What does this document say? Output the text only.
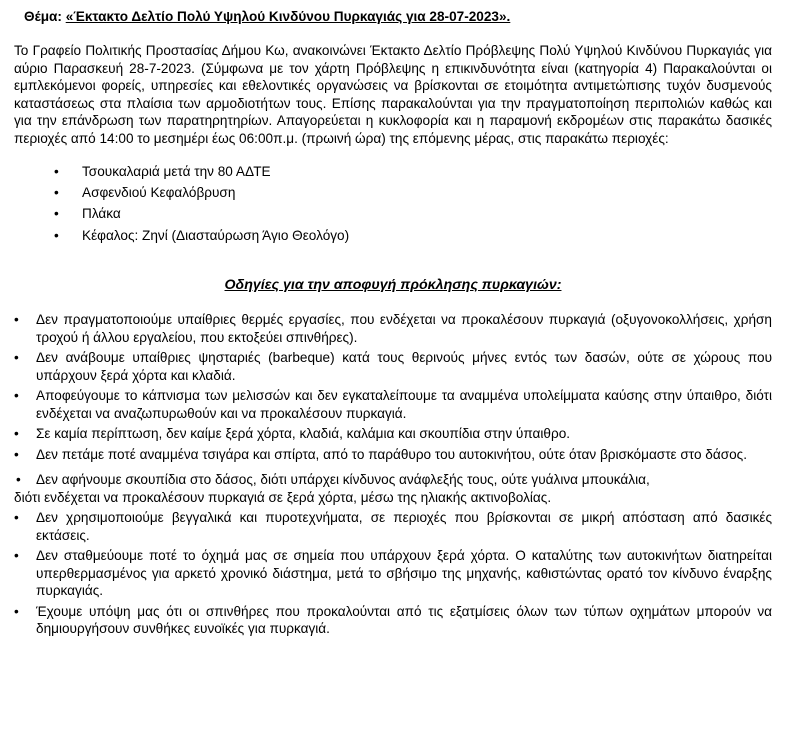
Θέμα: «Έκτακτο Δελτίο Πολύ Υψηλού Κινδύνου Πυρκαγιάς για 28-07-2023».

Το Γραφείο Πολιτικής Προστασίας Δήμου Κω, ανακοινώνει Έκτακτο Δελτίο Πρόβλεψης Πολύ Υψηλού Κινδύνου Πυρκαγιάς για αύριο Παρασκευή 28-7-2023. (Σύμφωνα με τον χάρτη Πρόβλεψης η επικινδυνότητα είναι (κατηγορία 4) Παρακαλούνται οι εμπλεκόμενοι φορείς, υπηρεσίες και εθελοντικές οργανώσεις να βρίσκονται σε ετοιμότητα αντιμετώπισης τυχόν δυσμενούς καταστάσεως στα πλαίσια των αρμοδιοτήτων τους. Επίσης παρακαλούνται για την πραγματοποίηση περιπολιών καθώς και για την επάνδρωση των παρατηρητηρίων. Απαγορεύεται η κυκλοφορία και η παραμονή εκδρομέων στις παρακάτω δασικές περιοχές από 14:00 το μεσημέρι έως 06:00π.μ. (πρωινή ώρα) της επόμενης μέρας, στις παρακάτω περιοχές:

• Τσουκαλαριά μετά την 80 ΑΔΤΕ
• Ασφενδιού Κεφαλόβρυση
• Πλάκα
• Κέφαλος: Ζηνί (Διασταύρωση Άγιο Θεολόγο)
Οδηγίες για την αποφυγή πρόκλησης πυρκαγιών:
• Δεν πραγματοποιούμε υπαίθριες θερμές εργασίες, που ενδέχεται να προκαλέσουν πυρκαγιά (οξυγονοκολλήσεις, χρήση τροχού ή άλλου εργαλείου, που εκτοξεύει σπινθήρες).
• Δεν ανάβουμε υπαίθριες ψησταριές (barbeque) κατά τους θερινούς μήνες εντός των δασών, ούτε σε χώρους που υπάρχουν ξερά χόρτα και κλαδιά.
• Αποφεύγουμε το κάπνισμα των μελισσών και δεν εγκαταλείπουμε τα αναμμένα υπολείμματα καύσης στην ύπαιθρο, διότι ενδέχεται να αναζωπυρωθούν και να προκαλέσουν πυρκαγιά.
• Σε καμία περίπτωση, δεν καίμε ξερά χόρτα, κλαδιά, καλάμια και σκουπίδια στην ύπαιθρο.
• Δεν πετάμε ποτέ αναμμένα τσιγάρα και σπίρτα, από το παράθυρο του αυτοκινήτου, ούτε όταν βρισκόμαστε στο δάσος.
• Δεν αφήνουμε σκουπίδια στο δάσος, διότι υπάρχει κίνδυνος ανάφλεξής τους, ούτε γυάλινα μπουκάλια,
διότι ενδέχεται να προκαλέσουν πυρκαγιά σε ξερά χόρτα, μέσω της ηλιακής ακτινοβολίας.
• Δεν χρησιμοποιούμε βεγγαλικά και πυροτεχνήματα, σε περιοχές που βρίσκονται σε μικρή απόσταση από δασικές εκτάσεις.
• Δεν σταθμεύουμε ποτέ το όχημά μας σε σημεία που υπάρχουν ξερά χόρτα. Ο καταλύτης των αυτοκινήτων διατηρείται υπερθερμασμένος για αρκετό χρονικό διάστημα, μετά το σβήσιμο της μηχανής, καθιστώντας ορατό τον κίνδυνο έναρξης πυρκαγιάς.
• Έχουμε υπόψη μας ότι οι σπινθήρες που προκαλούνται από τις εξατμίσεις όλων των τύπων οχημάτων μπορούν να δημιουργήσουν συνθήκες ευνοϊκές για πυρκαγιά.
